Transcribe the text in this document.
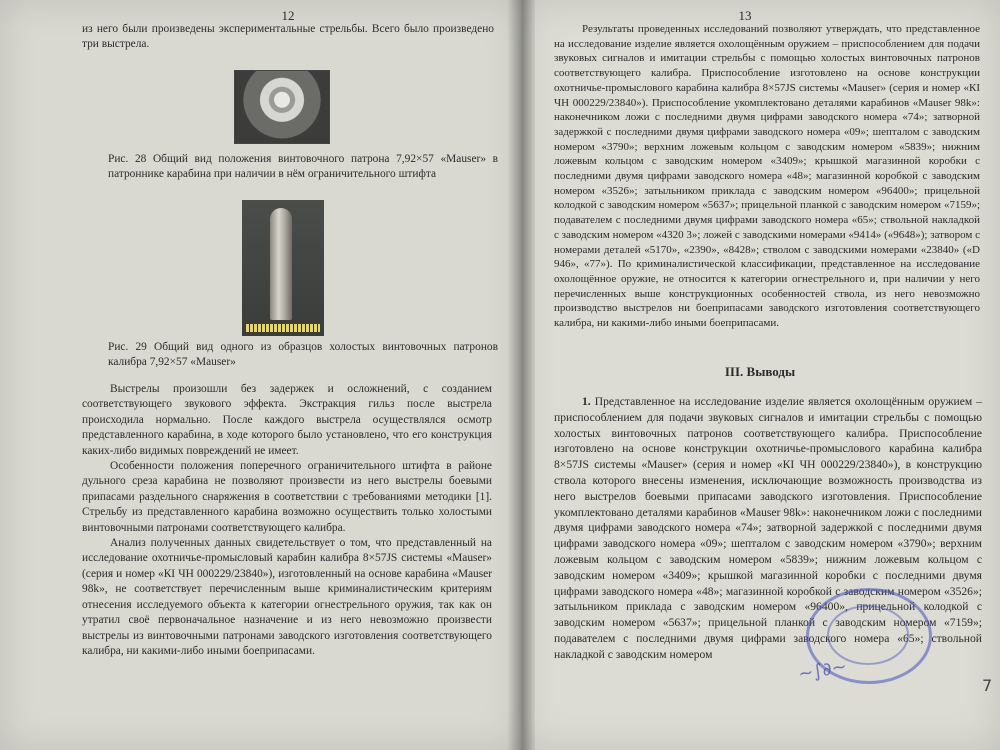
12
из него были произведены экспериментальные стрельбы. Всего было произведено три выстрела.
Рис. 28 Общий вид положения винтовочного патрона 7,92×57 «Mauser» в патроннике карабина при наличии в нём ограничительного штифта
Рис. 29 Общий вид одного из образцов холостых винтовочных патронов калибра 7,92×57 «Mauser»

Выстрелы произошли без задержек и осложнений, с созданием соответствующего звукового эффекта. Экстракция гильз после выстрела происходила нормально. После каждого выстрела осуществлялся осмотр представленного карабина, в ходе которого было установлено, что его конструкция каких-либо видимых повреждений не имеет.

Особенности положения поперечного ограничительного штифта в районе дульного среза карабина не позволяют произвести из него выстрелы боевыми припасами раздельного снаряжения в соответствии с требованиями методики [1]. Стрельбу из представленного карабина возможно осуществить только холостыми винтовочными патронами соответствующего калибра.

Анализ полученных данных свидетельствует о том, что представленный на исследование охотничье-промысловый карабин калибра 8×57JS системы «Mauser» (серия и номер «КI ЧН 000229/23840»), изготовленный на основе карабина «Mauser 98k», не соответствует перечисленным выше криминалистическим критериям отнесения исследуемого объекта к категории огнестрельного оружия, так как он утратил своё первоначальное назначение и из него невозможно произвести выстрелы из винтовочными патронами заводского изготовления соответствующего калибра, ни какими-либо иными боеприпасами.

13
Результаты проведенных исследований позволяют утверждать, что представленное на исследование изделие является охолощённым оружием – приспособлением для подачи звуковых сигналов и имитации стрельбы с помощью холостых винтовочных патронов соответствующего калибра. Приспособление изготовлено на основе конструкции охотничье-промыслового карабина калибра 8×57JS системы «Mauser» (серия и номер «КI ЧН 000229/23840»). Приспособление укомплектовано деталями карабинов «Mauser 98k»: наконечником ложи с последними двумя цифрами заводского номера «74»; затворной задержкой с последними двумя цифрами заводского номера «09»; шепталом с заводским номером «3790»; верхним ложевым кольцом с заводским номером «5839»; нижним ложевым кольцом с заводским номером «3409»; крышкой магазинной коробки с последними двумя цифрами заводского номера «48»; магазинной коробкой с заводским номером «3526»; затыльником приклада с заводским номером «96400»; прицельной колодкой с заводским номером «5637»; прицельной планкой с заводским номером «7159»; подавателем с последними двумя цифрами заводского номера «65»; ствольной накладкой с заводским номером «4320 3»; ложей с заводскими номерами «9414» («9648»); затвором с номерами деталей «5170», «2390», «8428»; стволом с заводскими номерами «23840» («D 946», «77»). По криминалистической классификации, представленное на исследование охолощённое оружие, не относится к категории огнестрельного и, при наличии у него перечисленных выше конструкционных особенностей ствола, из него невозможно производство выстрелов ни боеприпасами заводского изготовления соответствующего калибра, ни какими-либо иными боеприпасами.
III. Выводы

1. Представленное на исследование изделие является охолощённым оружием – приспособлением для подачи звуковых сигналов и имитации стрельбы с помощью холостых винтовочных патронов соответствующего калибра. Приспособление изготовлено на основе конструкции охотничье-промыслового карабина калибра 8×57JS системы «Mauser» (серия и номер «КI ЧН 000229/23840»), в конструкцию ствола которого внесены изменения, исключающие возможность производства из него выстрелов боевыми припасами заводского изготовления. Приспособление укомплектовано деталями карабинов «Mauser 98k»: наконечником ложи с последними двумя цифрами заводского номера «74»; затворной задержкой с последними двумя цифрами заводского номера «09»; шепталом с заводским номером «3790»; верхним ложевым кольцом с заводским номером «5839»; нижним ложевым кольцом с заводским номером «3409»; крышкой магазинной коробки с последними двумя цифрами заводского номера «48»; магазинной коробкой с заводским номером «3526»; затыльником приклада с заводским номером «96400», прицельной колодкой с заводским номером «5637»; прицельной планкой с заводским номером «7159»; подавателем с последними двумя цифрами заводского номера «65»; ствольной накладкой с заводским номером

~∫∂~
7
